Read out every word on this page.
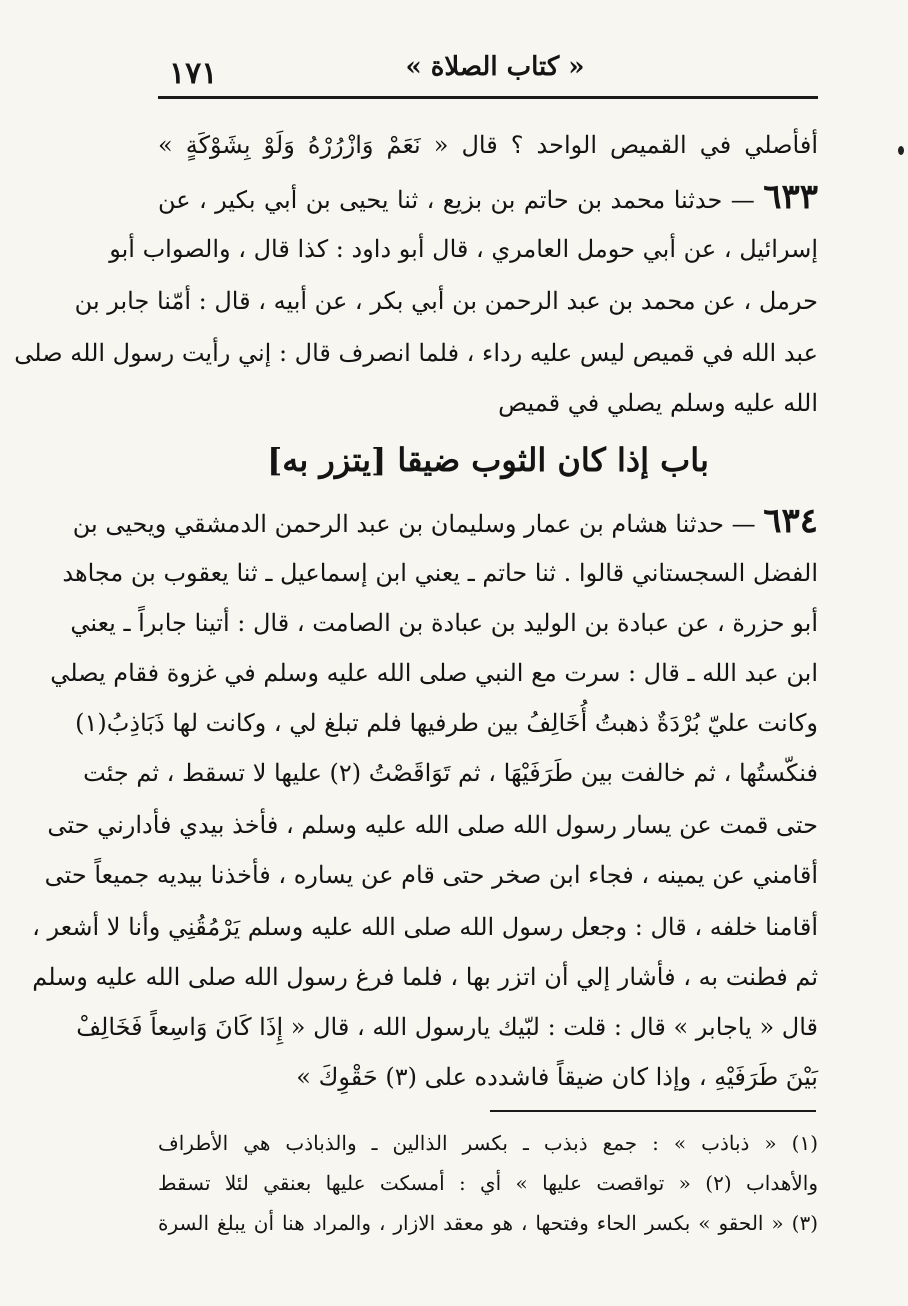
« كتاب الصلاة »
١٧١
أفأصلي في القميص الواحد ؟ قال « نَعَمْ وَازْرُرْهُ وَلَوْ بِشَوْكَةٍ »
٦٣٣ — حدثنا محمد بن حاتم بن بزيع ، ثنا يحيى بن أبي بكير ، عن
إسرائيل ، عن أبي حومل العامري ، قال أبو داود : كذا قال ، والصواب أبو
حرمل ، عن محمد بن عبد الرحمن بن أبي بكر ، عن أبيه ، قال : أمّنا جابر بن
عبد الله في قميص ليس عليه رداء ، فلما انصرف قال : إني رأيت رسول الله صلى
الله عليه وسلم يصلي في قميص
باب إذا كان الثوب ضيقا [يتزر به]
٦٣٤ — حدثنا هشام بن عمار وسليمان بن عبد الرحمن الدمشقي ويحيى بن
الفضل السجستاني قالوا . ثنا حاتم ـ يعني ابن إسماعيل ـ ثنا يعقوب بن مجاهد
أبو حزرة ، عن عبادة بن الوليد بن عبادة بن الصامت ، قال : أتينا جابراً ـ يعني
ابن عبد الله ـ قال : سرت مع النبي صلى الله عليه وسلم في غزوة فقام يصلي
وكانت عليّ بُرْدَةٌ ذهبتُ أُخَالِفُ بين طرفيها فلم تبلغ لي ، وكانت لها ذَبَاذِبُ(١)
فنكّستُها ، ثم خالفت بين طَرَفَيْهَا ، ثم تَوَاقَصْتُ (٢) عليها لا تسقط ، ثم جئت
حتى قمت عن يسار رسول الله صلى الله عليه وسلم ، فأخذ بيدي فأدارني حتى
أقامني عن يمينه ، فجاء ابن صخر حتى قام عن يساره ، فأخذنا بيديه جميعاً حتى
أقامنا خلفه ، قال : وجعل رسول الله صلى الله عليه وسلم يَرْمُقُنِي وأنا لا أشعر ،
ثم فطنت به ، فأشار إلي أن اتزر بها ، فلما فرغ رسول الله صلى الله عليه وسلم
قال « ياجابر » قال : قلت : لبّيك يارسول الله ، قال « إِذَا كَانَ وَاسِعاً فَخَالِفْ
بَيْنَ طَرَفَيْهِ ، وإذا كان ضيقاً فاشدده على (٣) حَقْوِكَ »
(١) « ذباذب » : جمع ذبذب ـ بكسر الذالين ـ والذباذب هي الأطراف
والأهداب (٢) « تواقصت عليها » أي : أمسكت عليها بعنقي لئلا تسقط
(٣) « الحقو » بكسر الحاء وفتحها ، هو معقد الازار ، والمراد هنا أن يبلغ السرة
